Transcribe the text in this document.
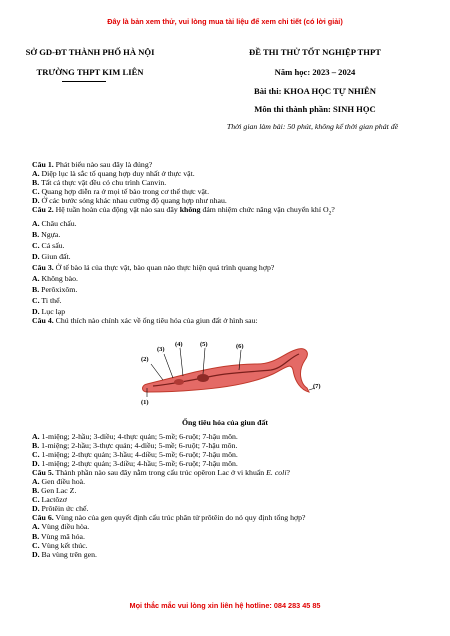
Đây là bản xem thử, vui lòng mua tài liệu để xem chi tiết (có lời giải)
SỞ GD-ĐT THÀNH PHỐ HÀ NỘI
TRƯỜNG THPT KIM LIÊN
ĐỀ THI THỬ TỐT NGHIỆP THPT
Năm học: 2023 – 2024
Bài thi: KHOA HỌC TỰ NHIÊN
Môn thi thành phần: SINH HỌC
Thời gian làm bài: 50 phút, không kể thời gian phát đề
Câu 1. Phát biểu nào sau đây là đúng?
A. Diệp lục là sắc tố quang hợp duy nhất ở thực vật.
B. Tất cả thực vật đều có chu trình Canvin.
C. Quang hợp diễn ra ở mọi tế bào trong cơ thể thực vật.
D. Ở các bước sóng khác nhau cường độ quang hợp như nhau.
Câu 2. Hệ tuần hoàn của động vật nào sau đây không đảm nhiệm chức năng vận chuyển khí $O_2$?
A. Châu chấu.
B. Ngựa.
C. Cá sấu.
D. Giun đất.
Câu 3. Ở tế bào lá của thực vật, bào quan nào thực hiện quá trình quang hợp?
A. Không bào.
B. Perôxixôm.
C. Ti thể.
D. Lục lạp
Câu 4. Chú thích nào chính xác về ống tiêu hóa của giun đất ở hình sau:
(1)
(2)
(3)
(4)	(5)	(6)
(7)
Ống tiêu hóa của giun đất
A. 1-miệng; 2-hầu; 3-diều; 4-thực quản; 5-mề; 6-ruột; 7-hậu môn.
B. 1-miệng; 2-hầu; 3-thực quản; 4-diều; 5-mề; 6-ruột; 7-hậu môn.
C. 1-miệng; 2-thực quản; 3-hầu; 4-diều; 5-mề; 6-ruột; 7-hậu môn.
D. 1-miệng; 2-thực quản; 3-diều; 4-hầu; 5-mề; 6-ruột; 7-hậu môn.
Câu 5. Thành phần nào sau đây nằm trong cấu trúc opêron Lac ở vi khuẩn E. coli?
A. Gen điều hoà.
B. Gen Lac Z.
C. Lactôzơ
D. Prôtêin ức chế.
Câu 6. Vùng nào của gen quyết định cấu trúc phân tử prôtêin do nó quy định tổng hợp?
A. Vùng điều hòa.
B. Vùng mã hóa.
C. Vùng kết thúc.
D. Ba vùng trên gen.
Mọi thắc mắc vui lòng xin liên hệ hotline: 084 283 45 85
